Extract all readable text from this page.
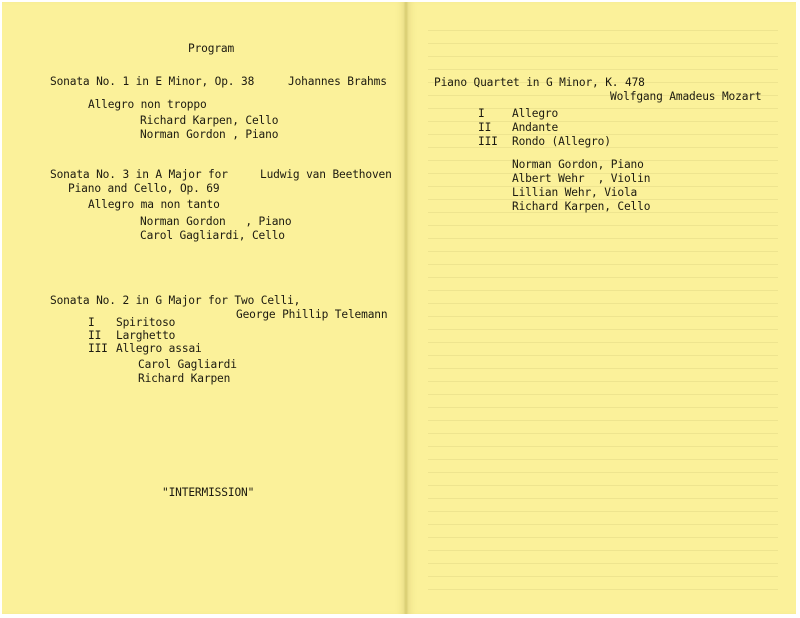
Program
Sonata No. 1 in E Minor, Op. 38	Johannes Brahms
Allegro non troppo
Richard Karpen, Cello
Norman Gordon , Piano
Sonata No. 3 in A Major for
Piano and Cello, Op. 69
Ludwig van Beethoven
Allegro ma non tanto
Norman Gordon   , Piano
Carol Gagliardi, Cello
Sonata No. 2 in G Major for Two Celli,
George Phillip Telemann
I Spiritoso
II Larghetto
III Allegro assai
Carol Gagliardi
Richard Karpen
"INTERMISSION"
Piano Quartet in G Minor, K. 478
Wolfgang Amadeus Mozart
I Allegro
II Andante
III Rondo (Allegro)
Norman Gordon, Piano
Albert Wehr  , Violin
Lillian Wehr, Viola
Richard Karpen, Cello
